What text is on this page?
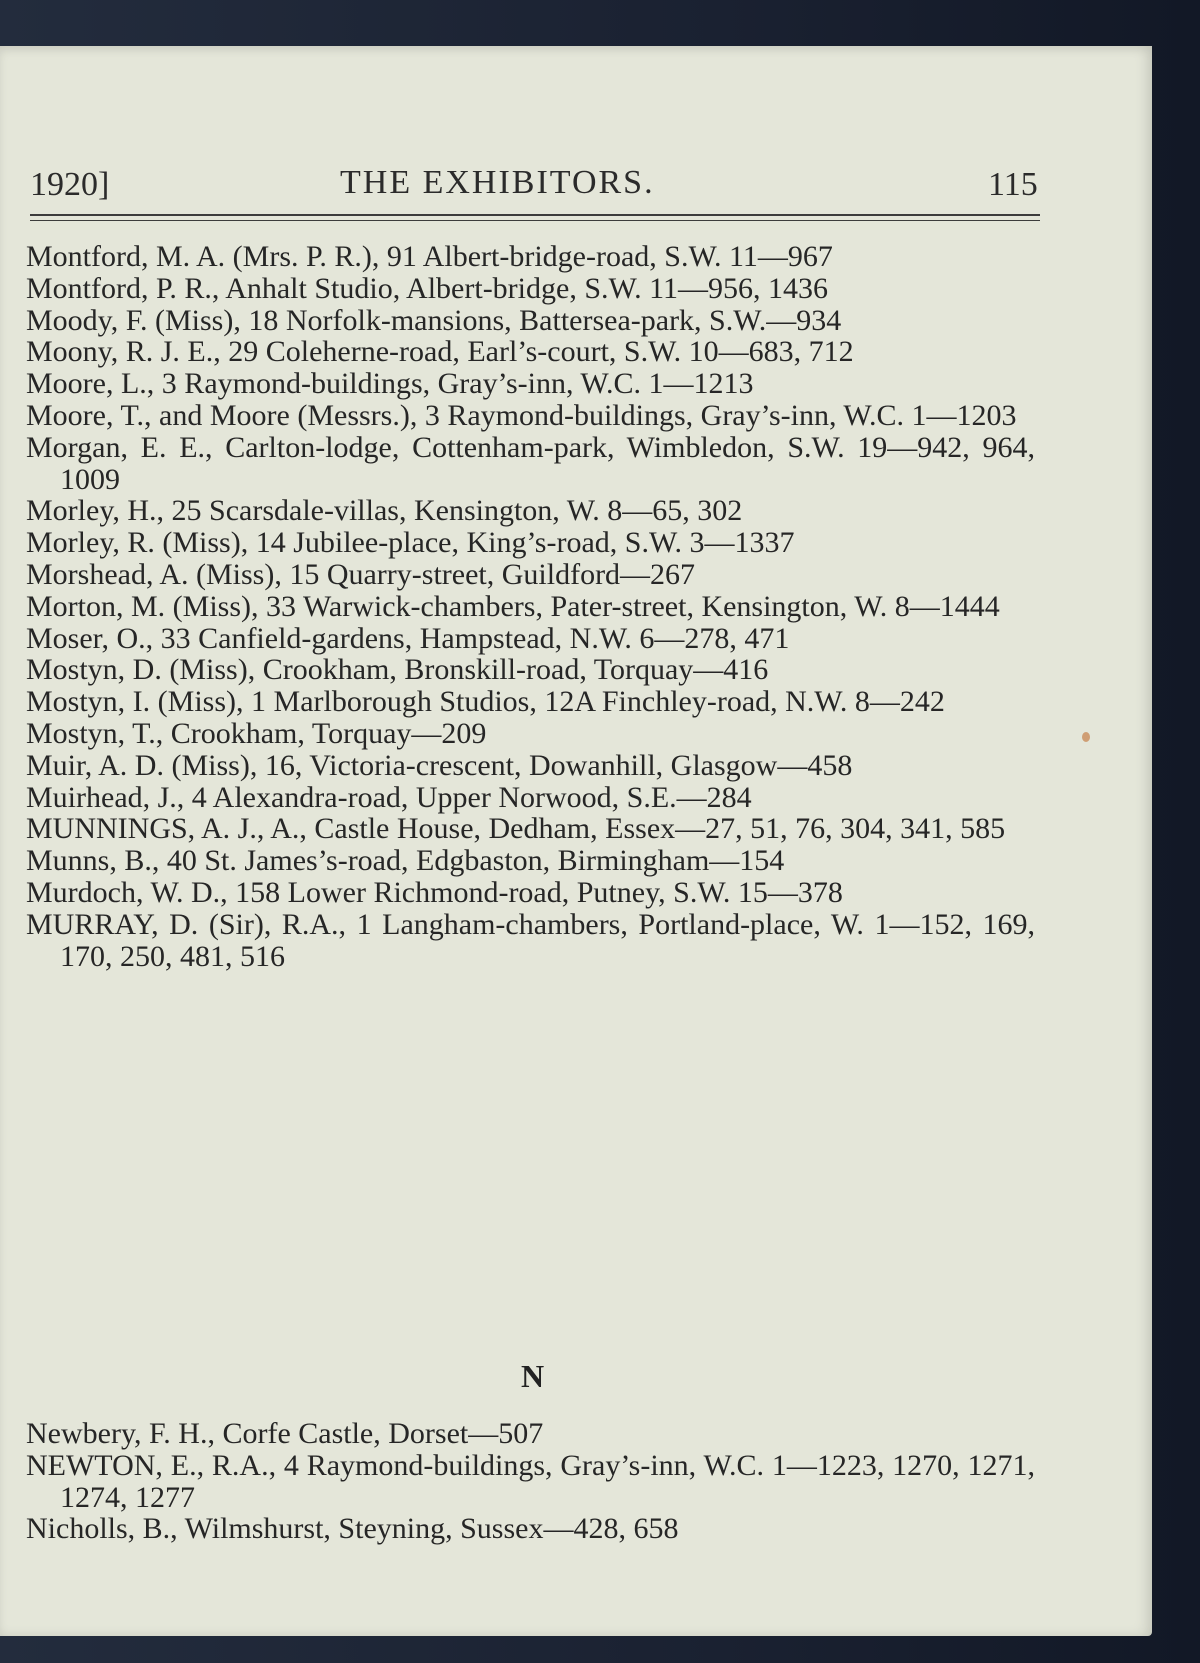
1920]	THE EXHIBITORS.	115
Montford, M. A. (Mrs. P. R.), 91 Albert-bridge-road, S.W. 11—967
Montford, P. R., Anhalt Studio, Albert-bridge, S.W. 11—956, 1436
Moody, F. (Miss), 18 Norfolk-mansions, Battersea-park, S.W.—934
Moony, R. J. E., 29 Coleherne-road, Earl’s-court, S.W. 10—683, 712
Moore, L., 3 Raymond-buildings, Gray’s-inn, W.C. 1—1213
Moore, T., and Moore (Messrs.), 3 Raymond-buildings, Gray’s-inn, W.C. 1—1203
Morgan, E. E., Carlton-lodge, Cottenham-park, Wimbledon, S.W. 19—942, 964, 1009
Morley, H., 25 Scarsdale-villas, Kensington, W. 8—65, 302
Morley, R. (Miss), 14 Jubilee-place, King’s-road, S.W. 3—1337
Morshead, A. (Miss), 15 Quarry-street, Guildford—267
Morton, M. (Miss), 33 Warwick-chambers, Pater-street, Kensington, W. 8—1444
Moser, O., 33 Canfield-gardens, Hampstead, N.W. 6—278, 471
Mostyn, D. (Miss), Crookham, Bronskill-road, Torquay—416
Mostyn, I. (Miss), 1 Marlborough Studios, 12A Finchley-road, N.W. 8—242
Mostyn, T., Crookham, Torquay—209
Muir, A. D. (Miss), 16, Victoria-crescent, Dowanhill, Glasgow—458
Muirhead, J., 4 Alexandra-road, Upper Norwood, S.E.—284
MUNNINGS, A. J., A., Castle House, Dedham, Essex—27, 51, 76, 304, 341, 585
Munns, B., 40 St. James’s-road, Edgbaston, Birmingham—154
Murdoch, W. D., 158 Lower Richmond-road, Putney, S.W. 15—378
MURRAY, D. (Sir), R.A., 1 Langham-chambers, Portland-place, W. 1—152, 169, 170, 250, 481, 516
N
Newbery, F. H., Corfe Castle, Dorset—507
NEWTON, E., R.A., 4 Raymond-buildings, Gray’s-inn, W.C. 1—1223, 1270, 1271, 1274, 1277
Nicholls, B., Wilmshurst, Steyning, Sussex—428, 658
